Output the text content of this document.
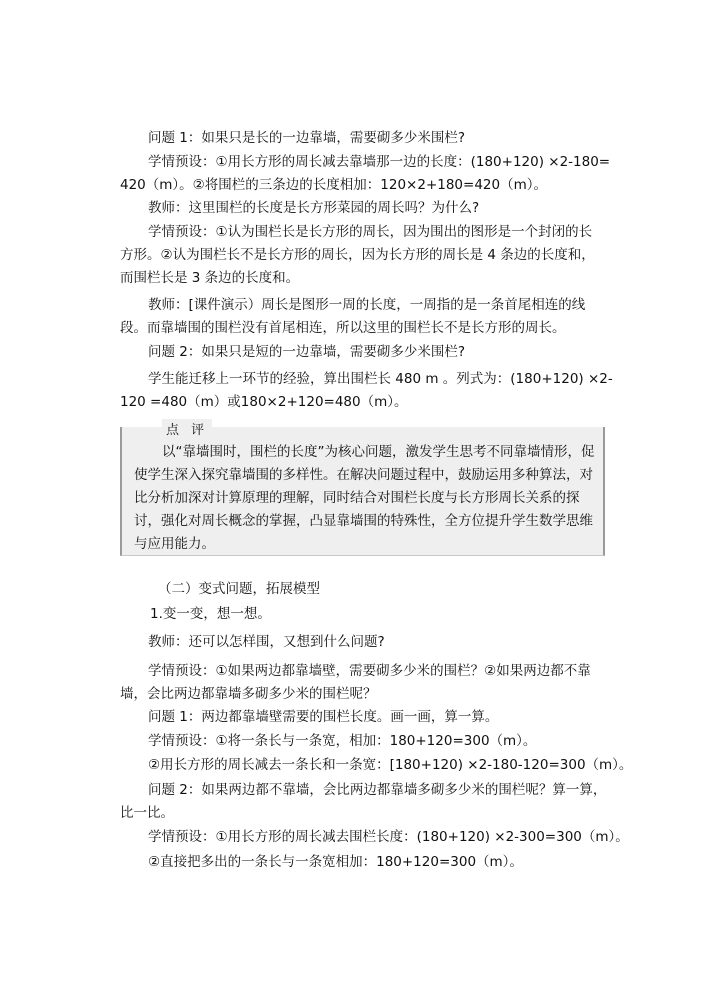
问题 1：如果只是长的一边靠墙，需要砌多少米围栏?

学情预设：①用长方形的周长减去靠墙那一边的长度：(180+120) ×2-180=
420（m）。②将围栏的三条边的长度相加：120×2+180=420（m）。

教师：这里围栏的长度是长方形菜园的周长吗？为什么?

学情预设：①认为围栏长是长方形的周长，因为围出的图形是一个封闭的长
方形。②认为围栏长不是长方形的周长，因为长方形的周长是 4 条边的长度和，
而围栏长是 3 条边的长度和。

教师：[课件演示）周长是图形一周的长度，一周指的是一条首尾相连的线
段。而靠墙围的围栏没有首尾相连，所以这里的围栏长不是长方形的周长。

问题 2：如果只是短的一边靠墙，需要砌多少米围栏?

学生能迁移上一环节的经验，算出围栏长 480 m 。列式为：(180+120) ×2-
120 =480（m）或180×2+120=480（m）。

点 评
以“靠墙围时，围栏的长度”为核心问题，激发学生思考不同靠墙情形，促使学生深入探究靠墙围的多样性。在解决问题过程中，鼓励运用多种算法，对比分析加深对计算原理的理解，同时结合对围栏长度与长方形周长关系的探讨，强化对周长概念的掌握，凸显靠墙围的特殊性，全方位提升学生数学思维与应用能力。
（二）变式问题，拓展模型

1.变一变，想一想。

教师：还可以怎样围，又想到什么问题?

学情预设：①如果两边都靠墙壁，需要砌多少米的围栏？②如果两边都不靠
墙，会比两边都靠墙多砌多少米的围栏呢？

问题 1：两边都靠墙壁需要的围栏长度。画一画，算一算。

学情预设：①将一条长与一条宽，相加：180+120=300（m）。

②用长方形的周长减去一条长和一条宽：[180+120) ×2-180-120=300（m）。

问题 2：如果两边都不靠墙，会比两边都靠墙多砌多少米的围栏呢？算一算，
比一比。

学情预设：①用长方形的周长减去围栏长度：(180+120) ×2-300=300（m）。

②直接把多出的一条长与一条宽相加：180+120=300（m）。
